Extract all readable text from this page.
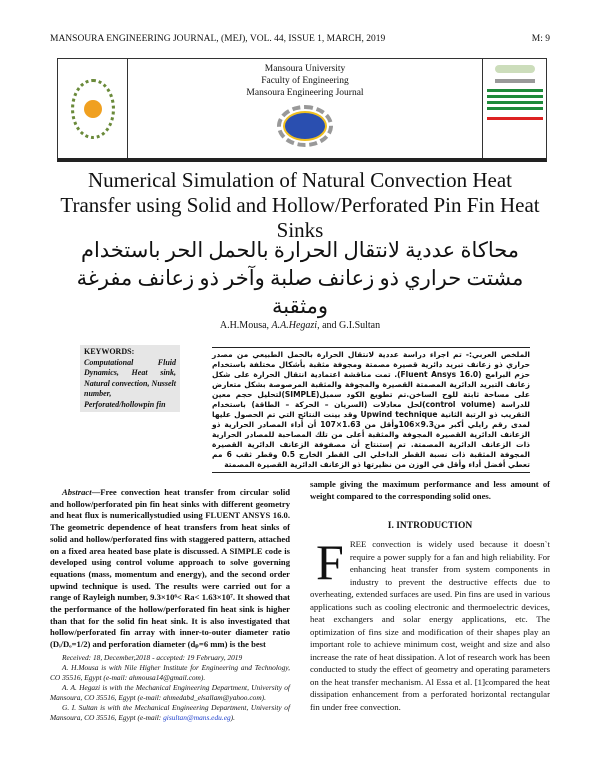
MANSOURA ENGINEERING JOURNAL, (MEJ), VOL. 44, ISSUE 1, MARCH, 2019	M: 9
Mansoura University
Faculty of Engineering
Mansoura Engineering Journal
Numerical Simulation of Natural Convection Heat Transfer using Solid and Hollow/Perforated Pin Fin Heat Sinks
محاكاة عددية لانتقال الحرارة بالحمل الحر باستخدام مشتت حراري ذو زعانف صلبة وآخر ذو زعانف مفرغة ومثقبة
A.H.Mousa, A.A.Hegazi, and G.I.Sultan
KEYWORDS:
Computational Fluid Dynamics, Heat sink, Natural convection, Nusselt number, Perforated/hollowpin fin
الملخص العربي:- تم اجراء دراسة عددية لانتقال الحرارة بالحمل الطبيعي من مصدر حراري ذو زعانف تبريد دائرية قصيرة مصمتة ومجوفة مثقبة بأشكال مختلفة باستخدام حزم البرامج (Fluent Ansys 16.0). تمت مناقشة اعتمادية انتقال الحرارة على شكل زعانف التبريد الدائرية المصمتة القصيرة والمجوفة والمثقبة المرصوصة بشكل متعارض على مساحة ثابتة للوح الساخن.تم تطويع الكود سمبل(SIMPLE)لتحليل حجم معين للدراسة (control volume)لحل معادلات (السريان – الحركة – الطاقة) باستخدام التقريب ذو الرتبة الثانية Upwind technique وقد بينت النتائج التي تم الحصول عليها لمدى رقم رايلي أكبر من9.3×106وأقل من 1.63×107 أن أداء المصادر الحرارية ذو الزعانف الدائرية القصيرة المجوفة والمثقبة أعلى من تلك المصاحبة للمصادر الحرارية ذات الزعانف الدائرية المصمتة. تم إستنتاج أن مصفوفة الزعانف الدائرية القصيرة المجوفة المثقبة ذات نسبة القطر الداخلي الى القطر الخارج 0.5 وقطر ثقب 6 مم تعطي أفضل أداء وأقل في الوزن من نظيرتها ذو الزعانف الدائرية القصيرة المصمتة
Abstract—Free convection heat transfer from circular solid and hollow/perforated pin fin heat sinks with different geometry and heat flux is numericallystudied using FLUENT ANSYS 16.0. The geometric dependence of heat transfers from heat sinks of solid and hollow/perforated fins with staggered pattern, attached on a fixed area heated base plate is discussed. A SIMPLE code is developed using control volume approach to solve governing equations (mass, momentum and energy), and the second order upwind technique is used. The results were carried out for a range of Rayleigh number, 9.3×10⁶< Ra< 1.63×10⁷. It showed that the performance of the hollow/perforated fin heat sink is higher than that for the solid fin heat sink. It is also investigated that hollow/perforated fin array with inner-to-outer diameter ratio (Dᵢ/Dₒ=1/2) and perforation diameter (dₚ=6 mm) is the best

Received: 18, December,2018 - accepted: 19 February, 2019

A. H.Mousa is with Nile Higher Institute for Engineering and Technology, CO 35516, Egypt (e-mail: ahmousa14@gmail.com).

A. A. Hegazi is with the Mechanical Engineering Department, University of Mansoura, CO 35516, Egypt (e-mail: ahmedabd_elsallam@yahoo.com).

G. I. Sultan is with the Mechanical Engineering Department, University of Mansoura, CO 35516, Egypt (e-mail: gisultan@mans.edu.eg).

sample giving the maximum performance and less amount of weight compared to the corresponding solid ones.
I. INTRODUCTION
FREE convection is widely used because it doesn`t require a power supply for a fan and high reliability. For enhancing heat transfer from system components in industry to prevent the destructive effects due to overheating, extended surfaces are used. Pin fins are used in various applications such as cooling electronic and thermoelectric devices, heat exchangers and solar energy applications, etc. The optimization of fins size and modification of their shapes play an important role to achieve minimum cost, weight and size and also increase the rate of heat dissipation. A lot of research work has been conducted to study the effect of geometry and operating parameters on the heat transfer mechanism. Al Essa et al. [1]compared the heat dissipation enhancement from a perforated horizontal rectangular fin under free convection.
